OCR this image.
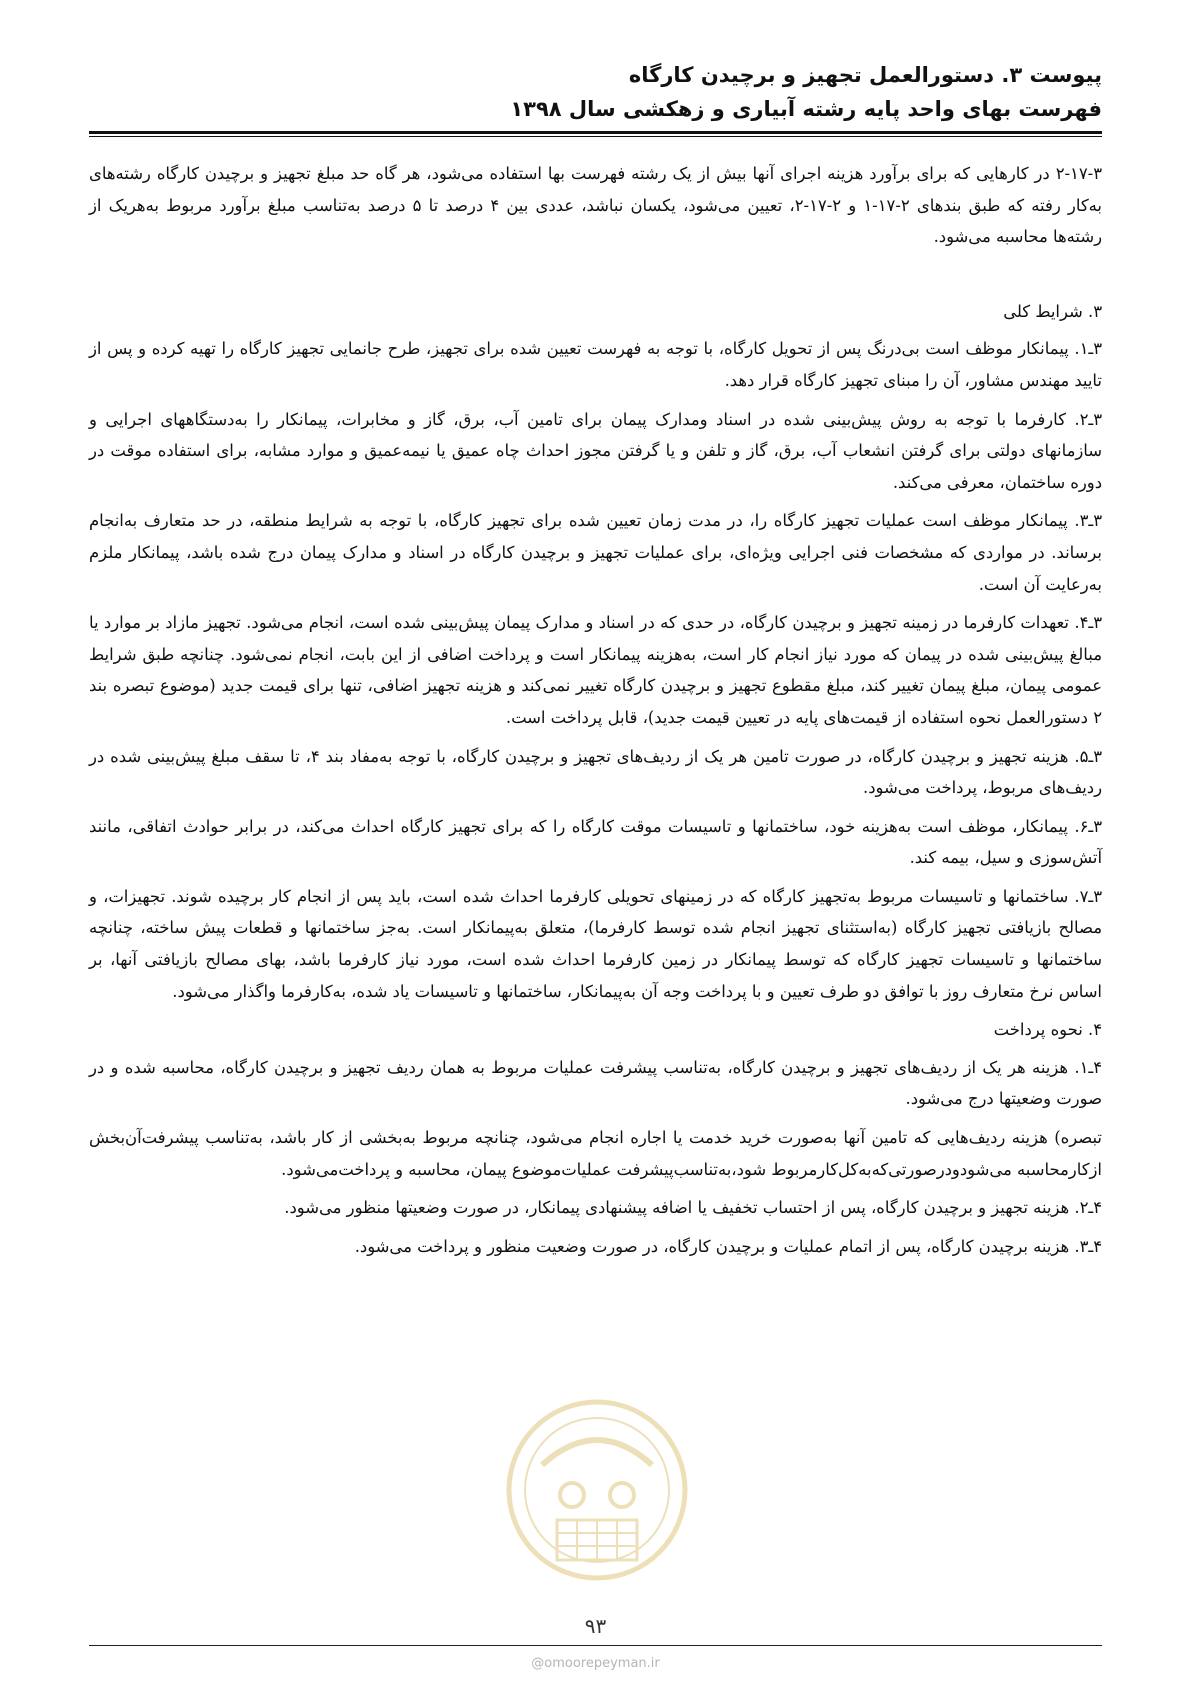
پیوست ۳. دستورالعمل تجهیز و برچیدن کارگاه
فهرست بهای واحد پایه رشته آبیاری و زهکشی سال ۱۳۹۸

۲-۱۷-۳ در کارهایی که برای برآورد هزینه اجرای آنها بیش از یک رشته فهرست بها استفاده می‌شود، هر گاه حد مبلغ تجهیز و برچیدن کارگاه رشته‌های به‌کار رفته که طبق بندهای ۲-۱۷-۱ و ۲-۱۷-۲، تعیین می‌شود، یکسان نباشد، عددی بین ۴ درصد تا ۵ درصد به‌تناسب مبلغ برآورد مربوط به‌هریک از رشته‌ها محاسبه می‌شود.

۳. شرایط کلی

۳ـ۱. پیمانکار موظف است بی‌درنگ پس از تحویل کارگاه، با توجه به فهرست تعیین شده برای تجهیز، طرح جانمایی تجهیز کارگاه را تهیه کرده و پس از تایید مهندس مشاور، آن را مبنای تجهیز کارگاه قرار دهد.

۳ـ۲. کارفرما با توجه به روش پیش‌بینی شده در اسناد ومدارک پیمان برای تامین آب، برق، گاز و مخابرات، پیمانکار را به‌دستگاههای اجرایی و سازمانهای دولتی برای گرفتن انشعاب آب، برق، گاز و تلفن و یا گرفتن مجوز احداث چاه عمیق یا نیمه‌عمیق و موارد مشابه، برای استفاده موقت در دوره ساختمان، معرفی می‌کند.

۳ـ۳. پیمانکار موظف است عملیات تجهیز کارگاه را، در مدت زمان تعیین شده برای تجهیز کارگاه، با توجه به شرایط منطقه، در حد متعارف به‌انجام برساند. در مواردی که مشخصات فنی اجرایی ویژه‌ای، برای عملیات تجهیز و برچیدن کارگاه در اسناد و مدارک پیمان درج شده باشد، پیمانکار ملزم به‌رعایت آن است.

۳ـ۴. تعهدات کارفرما در زمینه تجهیز و برچیدن کارگاه، در حدی که در اسناد و مدارک پیمان پیش‌بینی شده است، انجام می‌شود. تجهیز مازاد بر موارد یا مبالغ پیش‌بینی شده در پیمان که مورد نیاز انجام کار است، به‌هزینه پیمانکار است و پرداخت اضافی از این بابت، انجام نمی‌شود. چنانچه طبق شرایط عمومی پیمان، مبلغ پیمان تغییر کند، مبلغ مقطوع تجهیز و برچیدن کارگاه تغییر نمی‌کند و هزینه تجهیز اضافی، تنها برای قیمت جدید (موضوع تبصره بند ۲ دستورالعمل نحوه استفاده از قیمت‌های پایه در تعیین قیمت جدید)، قابل پرداخت است.

۳ـ۵. هزینه تجهیز و برچیدن کارگاه، در صورت تامین هر یک از ردیف‌های تجهیز و برچیدن کارگاه، با توجه به‌مفاد بند ۴، تا سقف مبلغ پیش‌بینی شده در ردیف‌های مربوط، پرداخت می‌شود.

۳ـ۶. پیمانکار، موظف است به‌هزینه خود، ساختمانها و تاسیسات موقت کارگاه را که برای تجهیز کارگاه احداث می‌کند، در برابر حوادث اتفاقی، مانند آتش‌سوزی و سیل، بیمه کند.

۳ـ۷. ساختمانها و تاسیسات مربوط به‌تجهیز کارگاه که در زمینهای تحویلی کارفرما احداث شده است، باید پس از انجام کار برچیده شوند. تجهیزات، و مصالح بازیافتی تجهیز کارگاه (به‌استثنای تجهیز انجام شده توسط کارفرما)، متعلق به‌پیمانکار است. به‌جز ساختمانها و قطعات پیش ساخته، چنانچه ساختمانها و تاسیسات تجهیز کارگاه که توسط پیمانکار در زمین کارفرما احداث شده است، مورد نیاز کارفرما باشد، بهای مصالح بازیافتی آنها، بر اساس نرخ متعارف روز با توافق دو طرف تعیین و با پرداخت وجه آن به‌پیمانکار، ساختمانها و تاسیسات یاد شده، به‌کارفرما واگذار می‌شود.

۴. نحوه پرداخت

۴ـ۱. هزینه هر یک از ردیف‌های تجهیز و برچیدن کارگاه، به‌تناسب پیشرفت عملیات مربوط به همان ردیف تجهیز و برچیدن کارگاه، محاسبه شده و در صورت وضعیتها درج می‌شود.

تبصره) هزینه ردیف‌هایی که تامین آنها به‌صورت خرید خدمت یا اجاره انجام می‌شود، چنانچه مربوط به‌بخشی از کار باشد، به‌تناسب پیشرفت‌آن‌بخش ازکارمحاسبه می‌شودودرصورتی‌که‌به‌کل‌کارمربوط شود،به‌تناسب‌پیشرفت عملیات‌موضوع پیمان، محاسبه و پرداخت‌می‌شود.

۴ـ۲. هزینه تجهیز و برچیدن کارگاه، پس از احتساب تخفیف یا اضافه پیشنهادی پیمانکار، در صورت وضعیتها منظور می‌شود.

۴ـ۳. هزینه برچیدن کارگاه، پس از اتمام عملیات و برچیدن کارگاه، در صورت وضعیت منظور و پرداخت می‌شود.

۹۳
@omoorepeyman.ir
